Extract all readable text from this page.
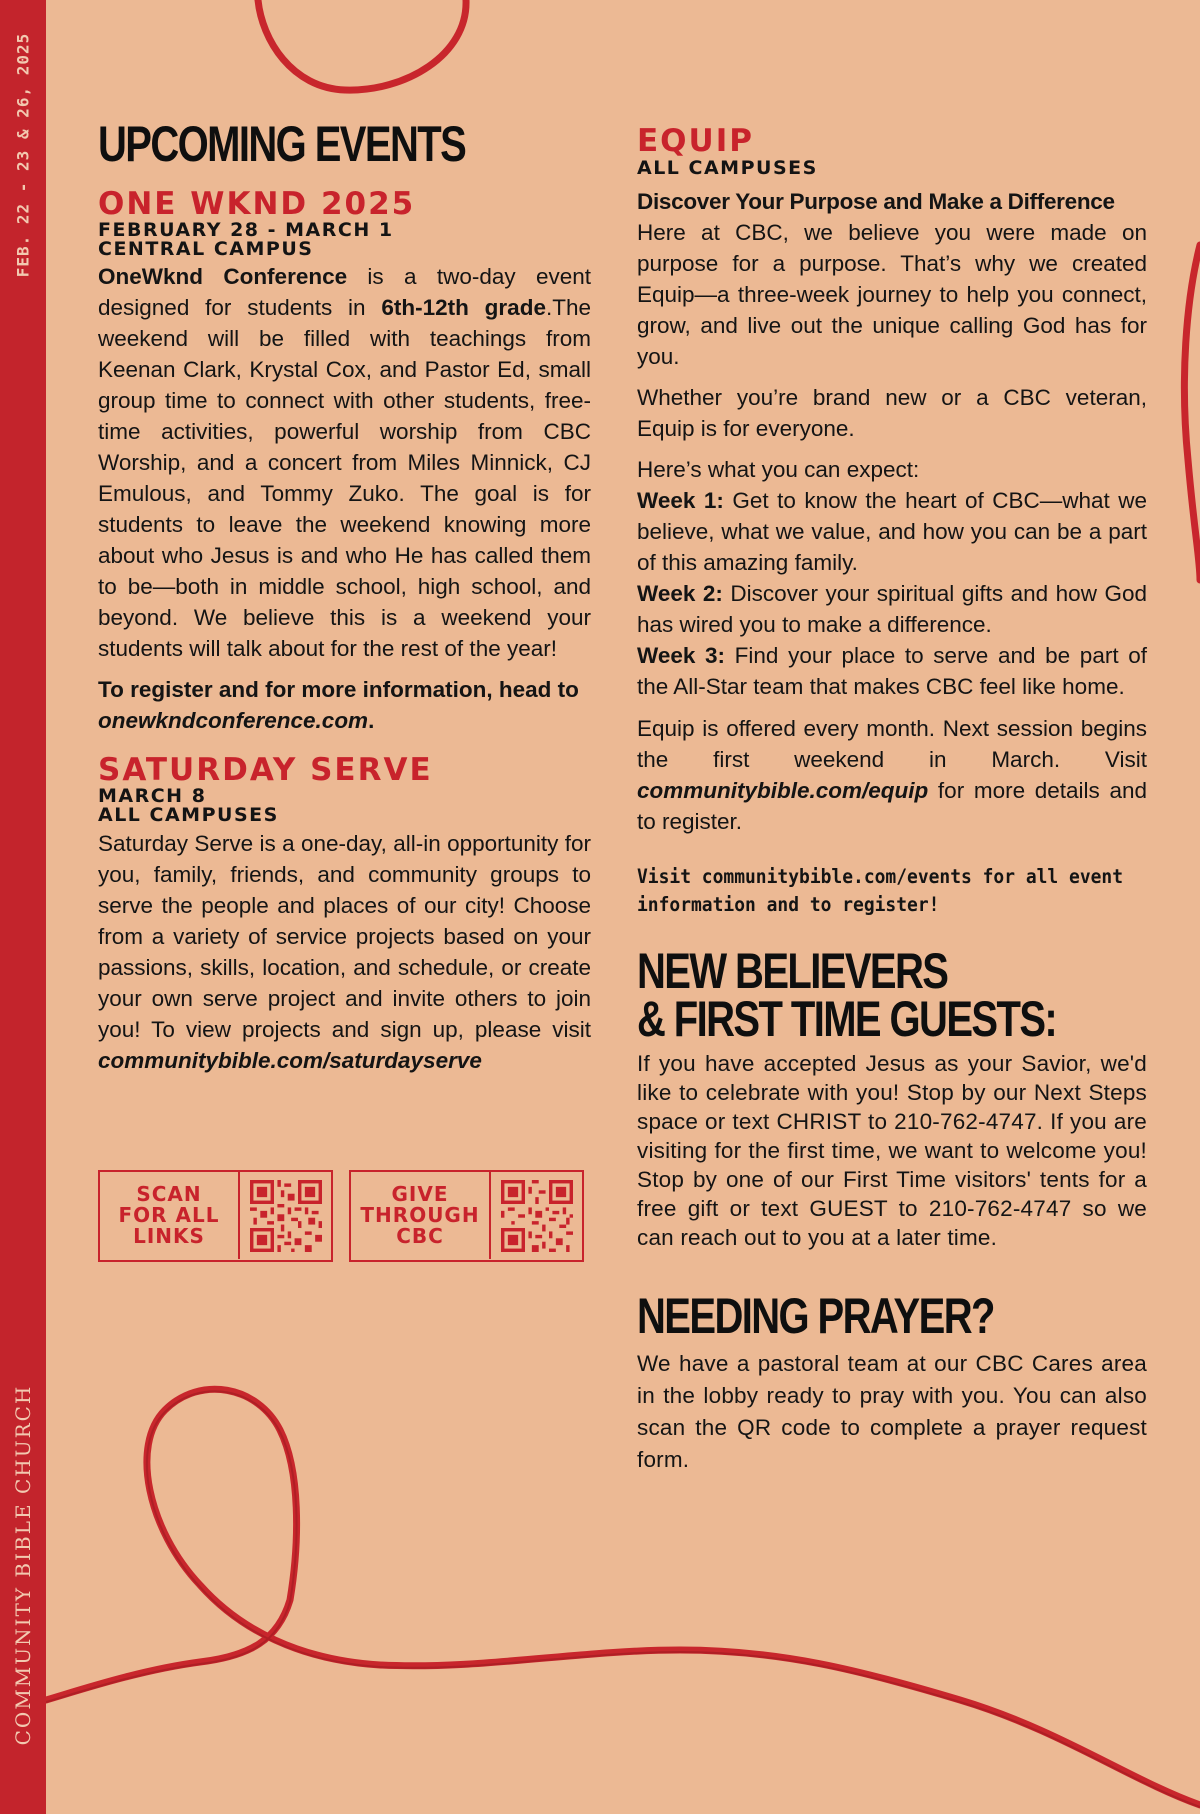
FEB. 22 - 23 & 26, 2025
COMMUNITY BIBLE CHURCH
UPCOMING EVENTS
ONE WKND 2025
FEBRUARY 28 - MARCH 1
CENTRAL CAMPUS

OneWknd Conference is a two-day event designed for students in 6th-12th grade.The weekend will be filled with teachings from Keenan Clark, Krystal Cox, and Pastor Ed, small group time to connect with other students, free-time activities, powerful worship from CBC Worship, and a concert from Miles Minnick, CJ Emulous, and Tommy Zuko. The goal is for students to leave the weekend knowing more about who Jesus is and who He has called them to be—both in middle school, high school, and beyond. We believe this is a weekend your students will talk about for the rest of the year!

To register and for more information, head to
onewkndconference.com.

SATURDAY SERVE
MARCH 8
ALL CAMPUSES

Saturday Serve is a one-day, all-in opportunity for you, family, friends, and community groups to serve the people and places of our city! Choose from a variety of service projects based on your passions, skills, location, and schedule, or create your own serve project and invite others to join you! To view projects and sign up, please visit communitybible.com/saturdayserve

SCAN
FOR ALL
LINKS
GIVE
THROUGH
CBC
EQUIP
ALL CAMPUSES

Discover Your Purpose and Make a Difference

Here at CBC, we believe you were made on purpose for a purpose. That’s why we created Equip—a three-week journey to help you connect, grow, and live out the unique calling God has for you.

Whether you’re brand new or a CBC veteran, Equip is for everyone.

Here’s what you can expect:

Week 1: Get to know the heart of CBC—what we believe, what we value, and how you can be a part of this amazing family.

Week 2: Discover your spiritual gifts and how God has wired you to make a difference.

Week 3: Find your place to serve and be part of the All-Star team that makes CBC feel like home.

Equip is offered every month. Next session begins the first weekend in March. Visit communitybible.com/equip for more details and to register.

Visit communitybible.com/events for all event

information and to register!

NEW BELIEVERS
& FIRST TIME GUESTS:

If you have accepted Jesus as your Savior, we'd like to celebrate with you! Stop by our Next Steps space or text CHRIST to 210-762-4747. If you are visiting for the first time, we want to welcome you! Stop by one of our First Time visitors' tents for a free gift or text GUEST to 210-762-4747 so we can reach out to you at a later time.

NEEDING PRAYER?

We have a pastoral team at our CBC Cares area in the lobby ready to pray with you. You can also scan the QR code to complete a prayer request form.
